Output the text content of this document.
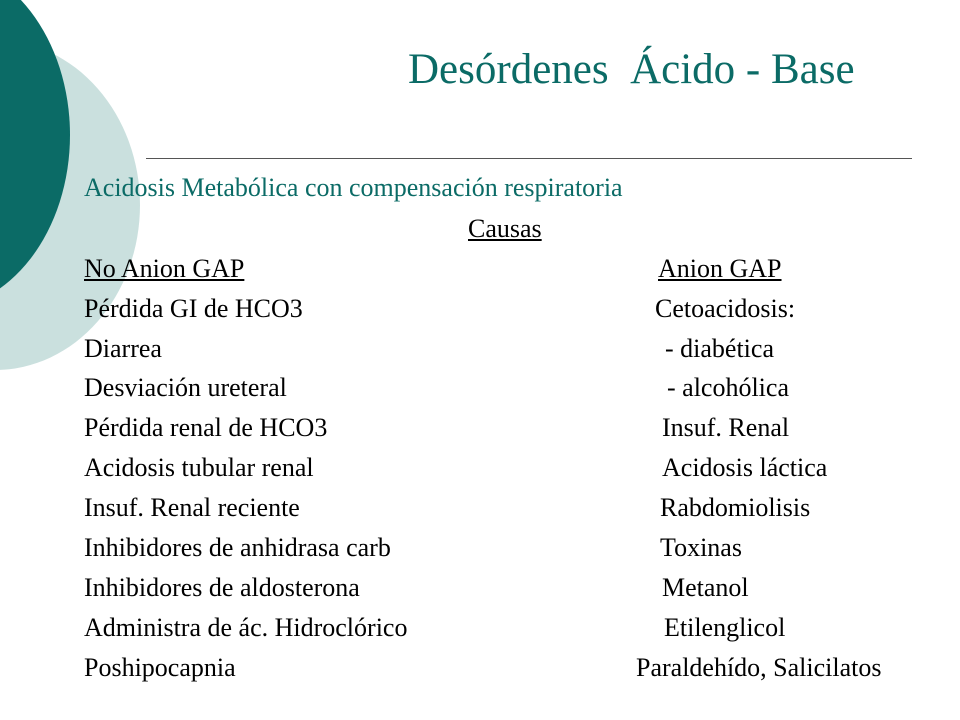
Desórdenes  Ácido - Base
Acidosis Metabólica con compensación respiratoria
Causas
No Anion GAP	Anion GAP
Pérdida GI de HCO3
Diarrea
Desviación ureteral
Pérdida renal de HCO3
Acidosis tubular renal
Insuf. Renal reciente
Inhibidores de anhidrasa carb
Inhibidores de aldosterona
Administra de ác. Hidroclórico
Poshipocapnia
Cetoacidosis:
- diabética
- alcohólica
Insuf. Renal
Acidosis láctica
Rabdomiolisis
Toxinas
Metanol
Etilenglicol
Paraldehído, Salicilatos
